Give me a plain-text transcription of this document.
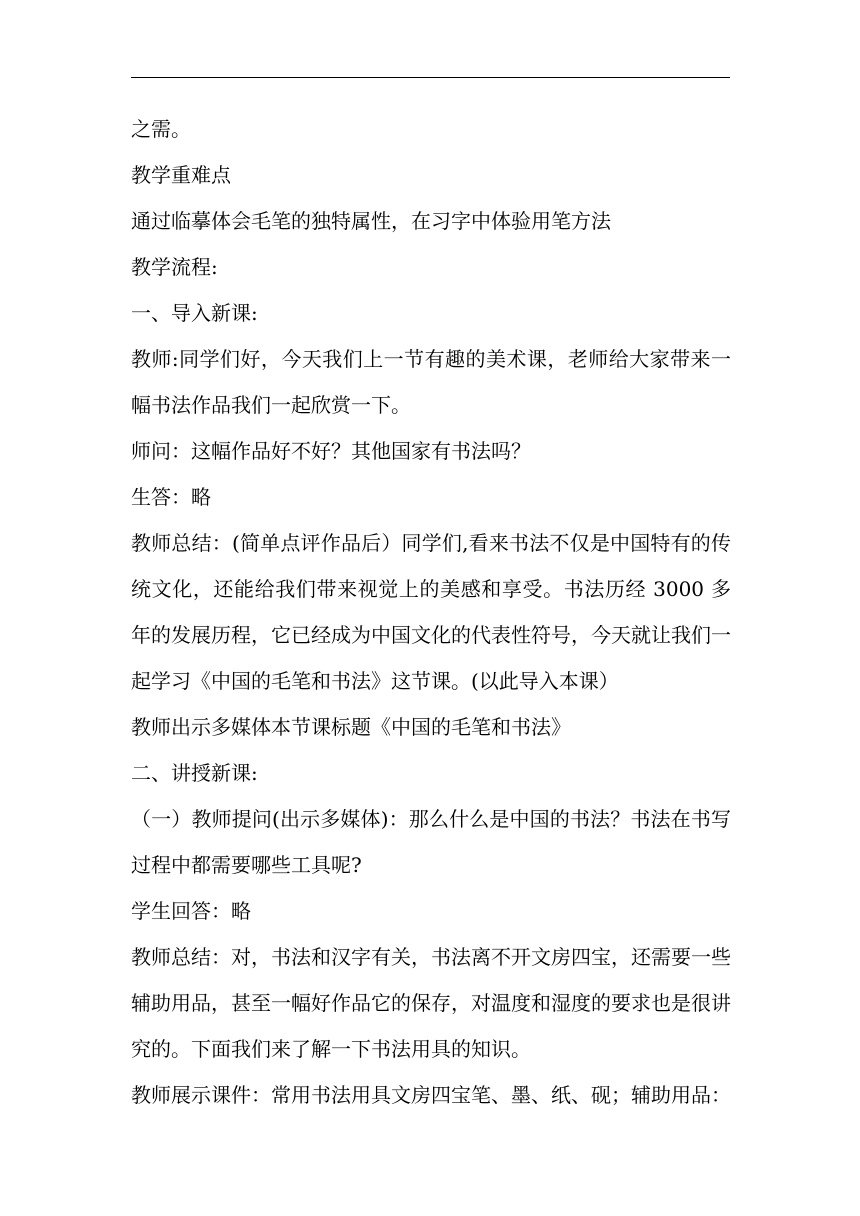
之需。

教学重难点

通过临摹体会毛笔的独特属性，在习字中体验用笔方法

教学流程:

一、导入新课:

教师:同学们好，今天我们上一节有趣的美术课，老师给大家带来一幅书法作品我们一起欣赏一下。

师问：这幅作品好不好？其他国家有书法吗？

生答：略

教师总结：(简单点评作品后）同学们,看来书法不仅是中国特有的传统文化，还能给我们带来视觉上的美感和享受。书法历经 3000 多年的发展历程，它已经成为中国文化的代表性符号，今天就让我们一起学习《中国的毛笔和书法》这节课。(以此导入本课）

教师出示多媒体本节课标题《中国的毛笔和书法》

二、讲授新课:

（一）教师提问(出示多媒体)：那么什么是中国的书法？书法在书写过程中都需要哪些工具呢?

学生回答：略

教师总结：对，书法和汉字有关，书法离不开文房四宝，还需要一些辅助用品，甚至一幅好作品它的保存，对温度和湿度的要求也是很讲究的。下面我们来了解一下书法用具的知识。

教师展示课件：常用书法用具文房四宝笔、墨、纸、砚；辅助用品：
